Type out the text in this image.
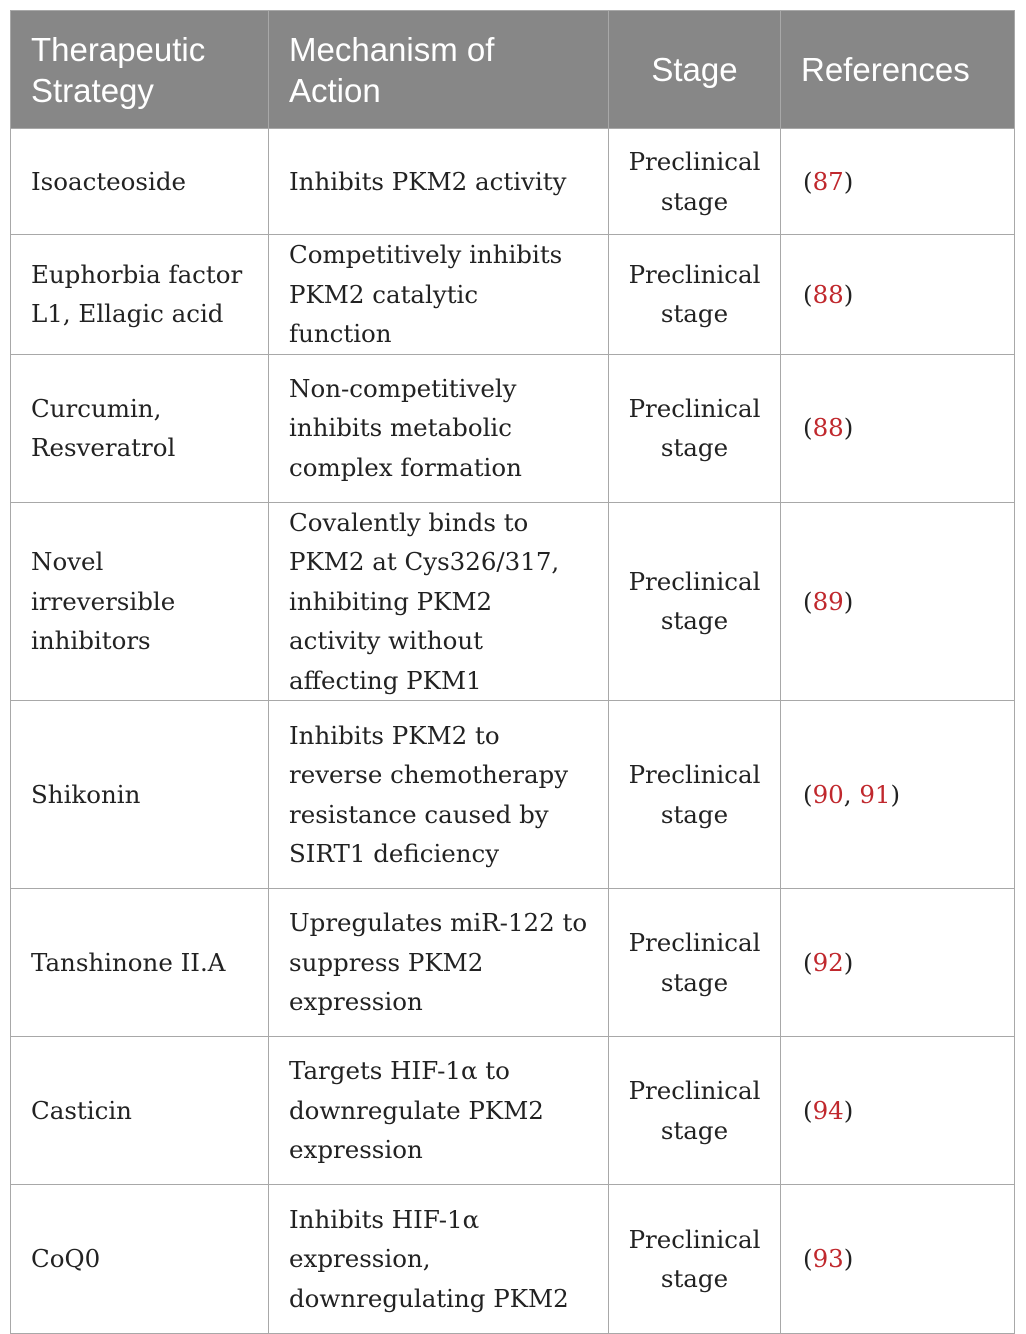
Therapeutic Strategy	Mechanism of Action	Stage	References
Isoacteoside	Inhibits PKM2 activity	Preclinical stage	(87)
Euphorbia factor L1, Ellagic acid	Competitively inhibits PKM2 catalytic function	Preclinical stage	(88)
Curcumin, Resveratrol	Non-competitively inhibits metabolic complex formation	Preclinical stage	(88)
Novel irreversible inhibitors	Covalently binds to PKM2 at Cys326/317, inhibiting PKM2 activity without affecting PKM1	Preclinical stage	(89)
Shikonin	Inhibits PKM2 to reverse chemotherapy resistance caused by SIRT1 deficiency	Preclinical stage	(90, 91)
Tanshinone II.A	Upregulates miR-122 to suppress PKM2 expression	Preclinical stage	(92)
Casticin	Targets HIF-1α to downregulate PKM2 expression	Preclinical stage	(94)
CoQ0	Inhibits HIF-1α expression, downregulating PKM2	Preclinical stage	(93)
